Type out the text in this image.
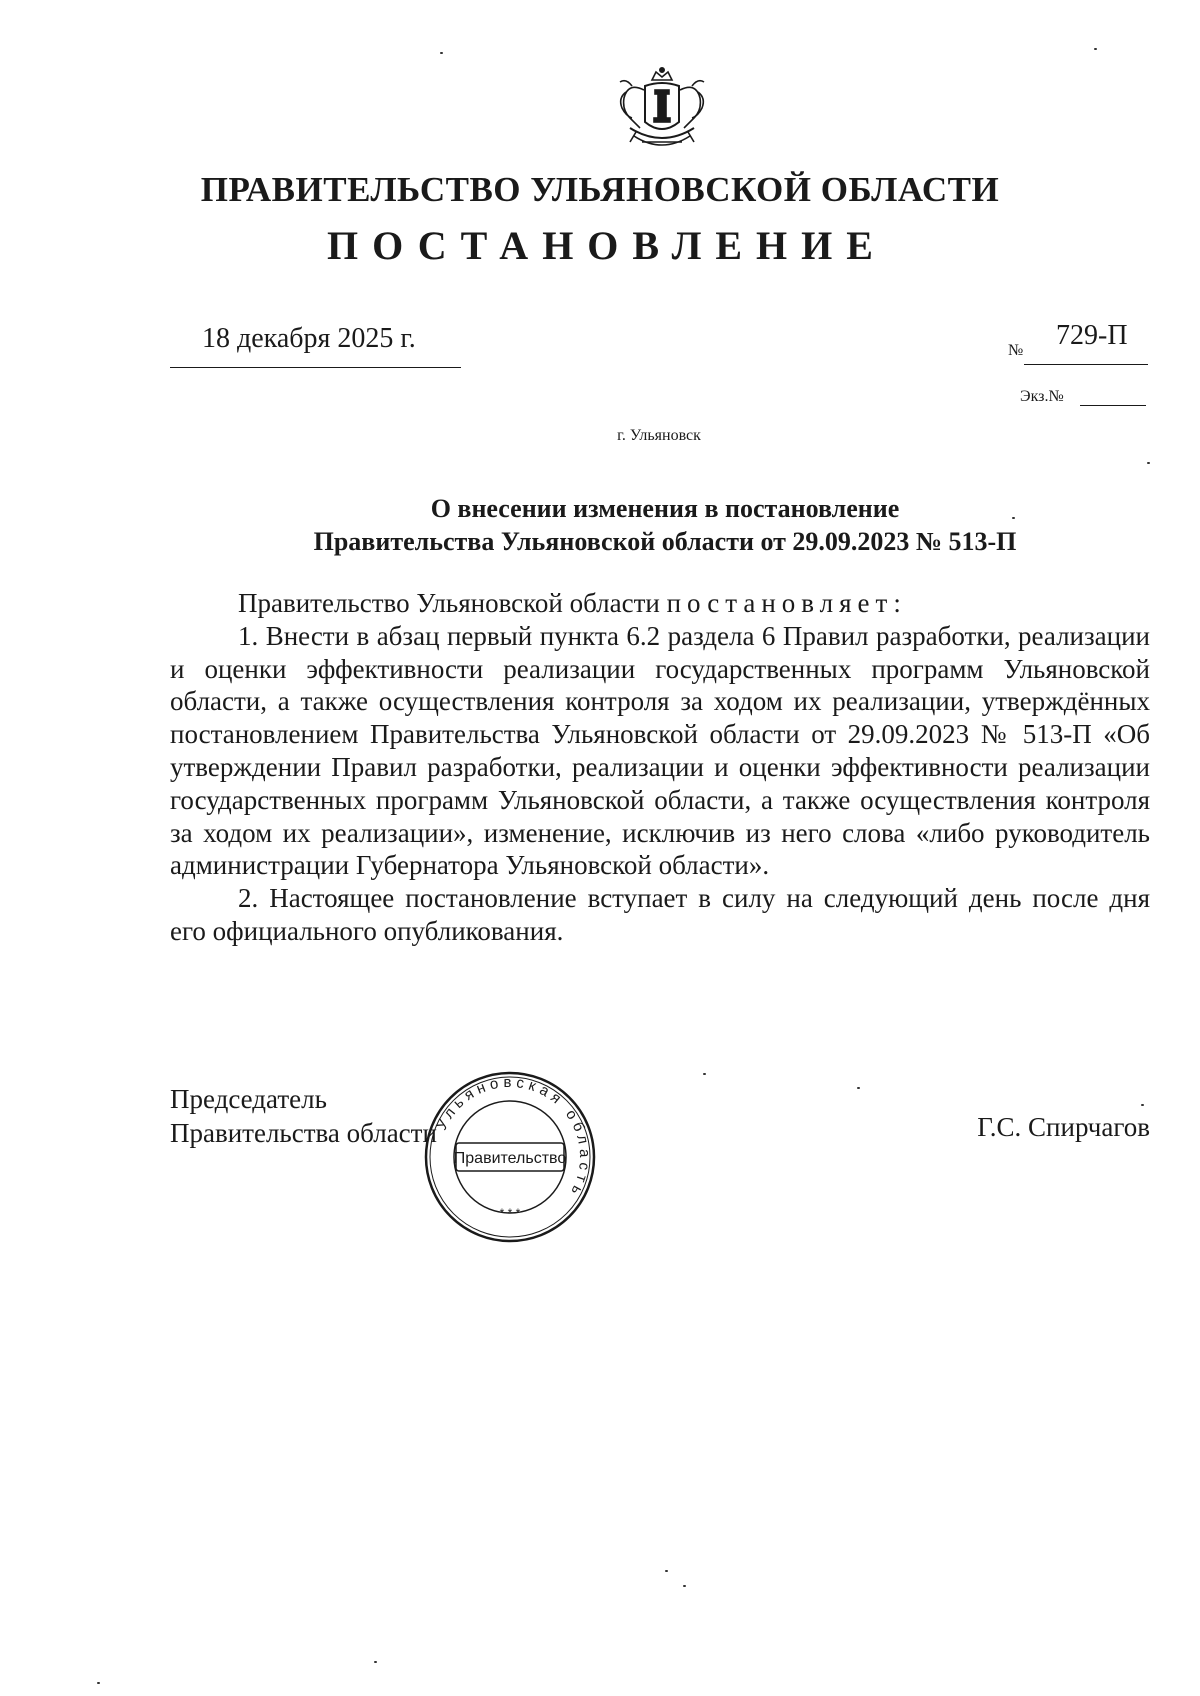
ПРАВИТЕЛЬСТВО УЛЬЯНОВСКОЙ ОБЛАСТИ
ПОСТАНОВЛЕНИЕ
18 декабря 2025 г.	№ 729-П
Экз.№
г. Ульяновск
О внесении изменения в постановление
Правительства Ульяновской области от 29.09.2023 № 513-П

Правительство Ульяновской области постановляет:

1. Внести в абзац первый пункта 6.2 раздела 6 Правил разработки, реализации и оценки эффективности реализации государственных программ Ульяновской области, а также осуществления контроля за ходом их реализации, утверждённых постановлением Правительства Ульяновской области от 29.09.2023 № 513-П «Об утверждении Правил разработки, реализации и оценки эффективности реализации государственных программ Ульяновской области, а также осуществления контроля за ходом их реализации», изменение, исключив из него слова «либо руководитель администрации Губернатора Ульяновской области».

2. Настоящее постановление вступает в силу на следующий день после дня его официального опубликования.

Председатель
Правительства области	Г.С. Спирчагов
Ульяновская область
Правительство
* * *
